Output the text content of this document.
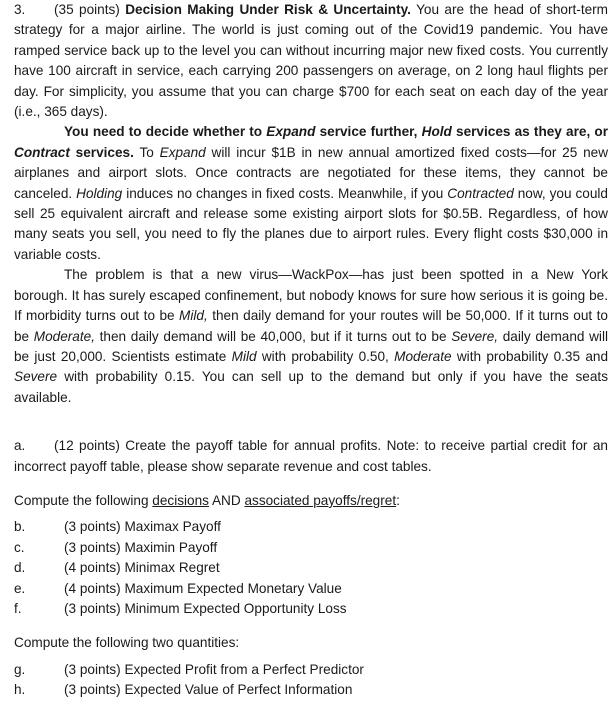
3. (35 points) Decision Making Under Risk & Uncertainty. You are the head of short-term strategy for a major airline. The world is just coming out of the Covid19 pandemic. You have ramped service back up to the level you can without incurring major new fixed costs. You currently have 100 aircraft in service, each carrying 200 passengers on average, on 2 long haul flights per day. For simplicity, you assume that you can charge $700 for each seat on each day of the year (i.e., 365 days).

You need to decide whether to Expand service further, Hold services as they are, or Contract services. To Expand will incur $1B in new annual amortized fixed costs—for 25 new airplanes and airport slots. Once contracts are negotiated for these items, they cannot be canceled. Holding induces no changes in fixed costs. Meanwhile, if you Contracted now, you could sell 25 equivalent aircraft and release some existing airport slots for $0.5B. Regardless, of how many seats you sell, you need to fly the planes due to airport rules. Every flight costs $30,000 in variable costs.

The problem is that a new virus—WackPox—has just been spotted in a New York borough. It has surely escaped confinement, but nobody knows for sure how serious it is going be. If morbidity turns out to be Mild, then daily demand for your routes will be 50,000. If it turns out to be Moderate, then daily demand will be 40,000, but if it turns out to be Severe, daily demand will be just 20,000. Scientists estimate Mild with probability 0.50, Moderate with probability 0.35 and Severe with probability 0.15. You can sell up to the demand but only if you have the seats available.

a. (12 points) Create the payoff table for annual profits. Note: to receive partial credit for an incorrect payoff table, please show separate revenue and cost tables.

Compute the following decisions AND associated payoffs/regret:

b.	(3 points) Maximax Payoff
c.	(3 points) Maximin Payoff
d.	(4 points) Minimax Regret
e.	(4 points) Maximum Expected Monetary Value
f.	(3 points) Minimum Expected Opportunity Loss

Compute the following two quantities:

g.	(3 points) Expected Profit from a Perfect Predictor
h.	(3 points) Expected Value of Perfect Information
